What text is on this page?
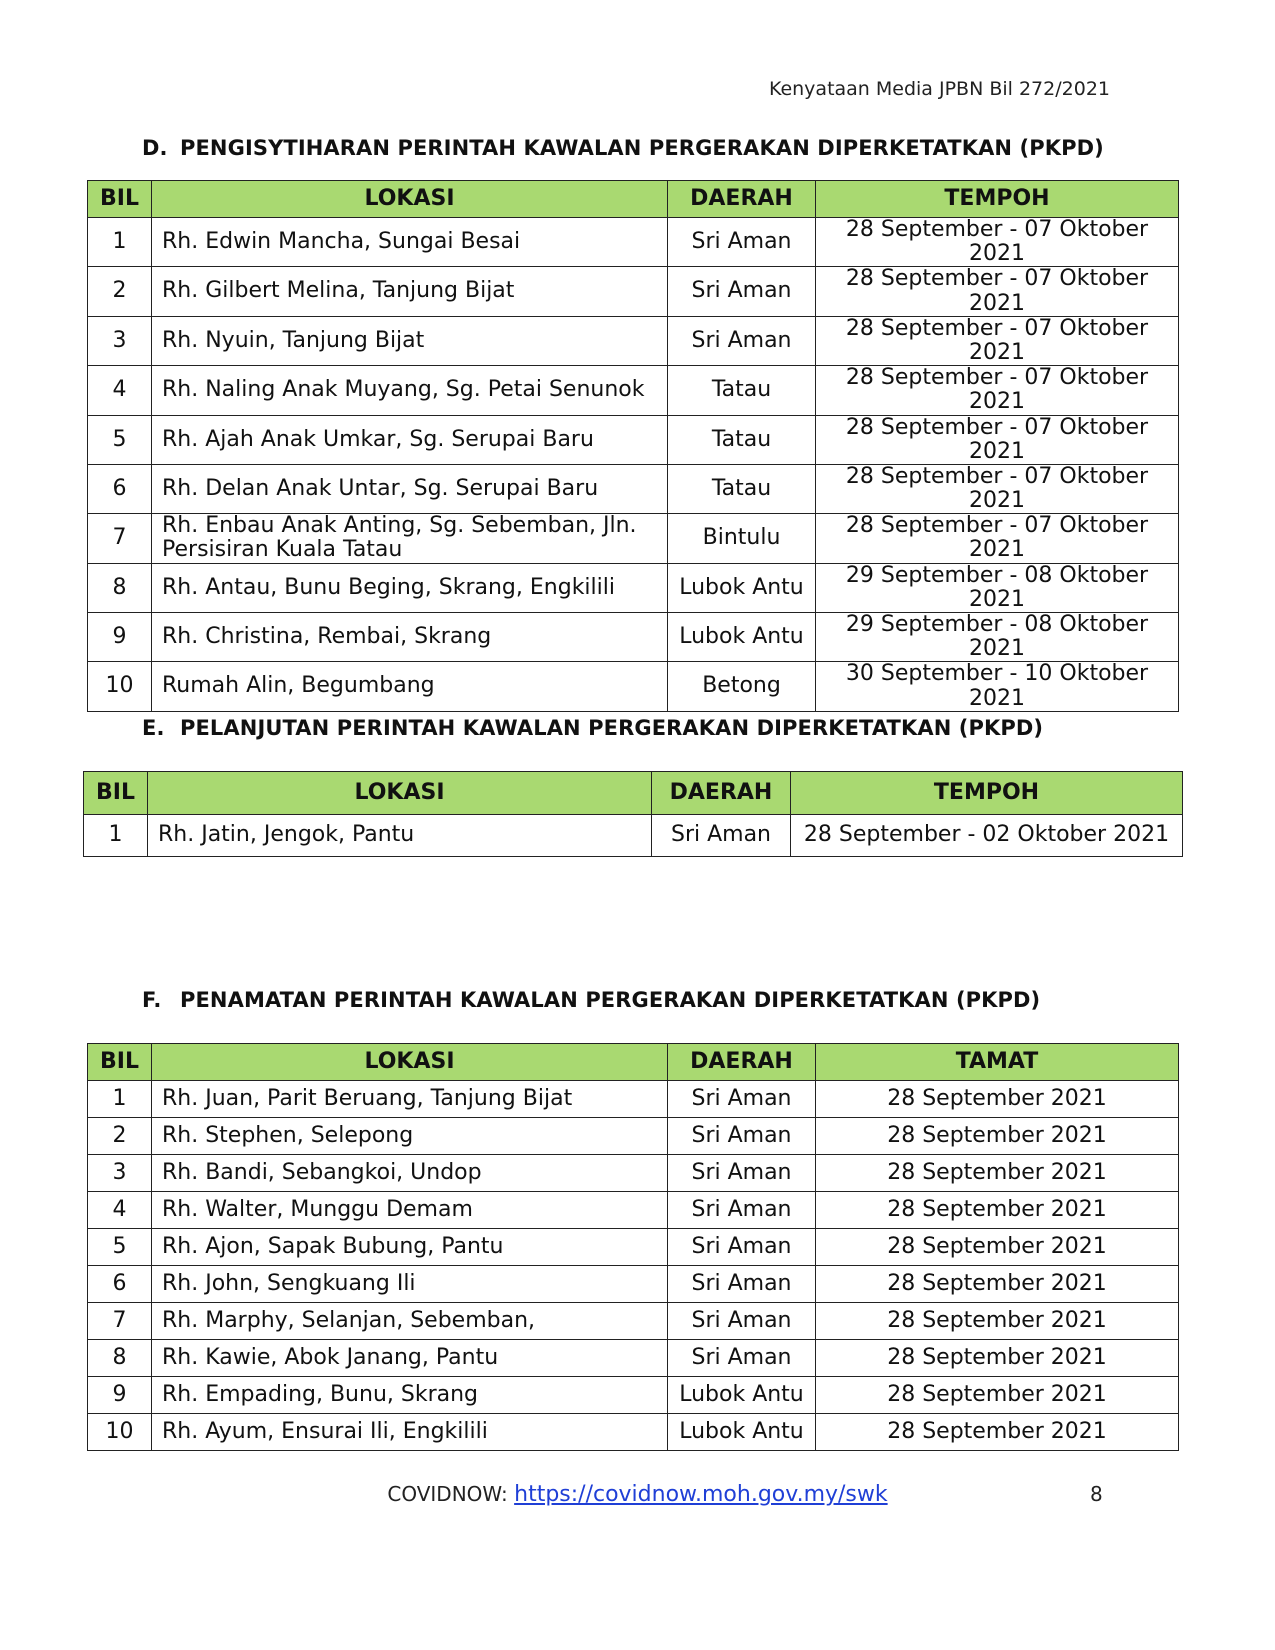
Kenyataan Media JPBN Bil 272/2021
D. PENGISYTIHARAN PERINTAH KAWALAN PERGERAKAN DIPERKETATKAN (PKPD)
BIL	LOKASI	DAERAH	TEMPOH
1	Rh. Edwin Mancha, Sungai Besai	Sri Aman	28 September - 07 Oktober 2021
2	Rh. Gilbert Melina, Tanjung Bijat	Sri Aman	28 September - 07 Oktober 2021
3	Rh. Nyuin, Tanjung Bijat	Sri Aman	28 September - 07 Oktober 2021
4	Rh. Naling Anak Muyang, Sg. Petai Senunok	Tatau	28 September - 07 Oktober 2021
5	Rh. Ajah Anak Umkar, Sg. Serupai Baru	Tatau	28 September - 07 Oktober 2021
6	Rh. Delan Anak Untar, Sg. Serupai Baru	Tatau	28 September - 07 Oktober 2021
7	Rh. Enbau Anak Anting, Sg. Sebemban, Jln. Persisiran Kuala Tatau	Bintulu	28 September - 07 Oktober 2021
8	Rh. Antau, Bunu Beging, Skrang, Engkilili	Lubok Antu	29 September - 08 Oktober 2021
9	Rh. Christina, Rembai, Skrang	Lubok Antu	29 September - 08 Oktober 2021
10	Rumah Alin, Begumbang	Betong	30 September - 10 Oktober 2021
E. PELANJUTAN PERINTAH KAWALAN PERGERAKAN DIPERKETATKAN (PKPD)
BIL	LOKASI	DAERAH	TEMPOH
1	Rh. Jatin, Jengok, Pantu	Sri Aman	28 September - 02 Oktober 2021
F. PENAMATAN PERINTAH KAWALAN PERGERAKAN DIPERKETATKAN (PKPD)
BIL	LOKASI	DAERAH	TAMAT
1	Rh. Juan, Parit Beruang, Tanjung Bijat	Sri Aman	28 September 2021
2	Rh. Stephen, Selepong	Sri Aman	28 September 2021
3	Rh. Bandi, Sebangkoi, Undop	Sri Aman	28 September 2021
4	Rh. Walter, Munggu Demam	Sri Aman	28 September 2021
5	Rh. Ajon, Sapak Bubung, Pantu	Sri Aman	28 September 2021
6	Rh. John, Sengkuang Ili	Sri Aman	28 September 2021
7	Rh. Marphy, Selanjan, Sebemban,	Sri Aman	28 September 2021
8	Rh. Kawie, Abok Janang, Pantu	Sri Aman	28 September 2021
9	Rh. Empading, Bunu, Skrang	Lubok Antu	28 September 2021
10	Rh. Ayum, Ensurai Ili, Engkilili	Lubok Antu	28 September 2021
COVIDNOW: https://covidnow.moh.gov.my/swk	8
